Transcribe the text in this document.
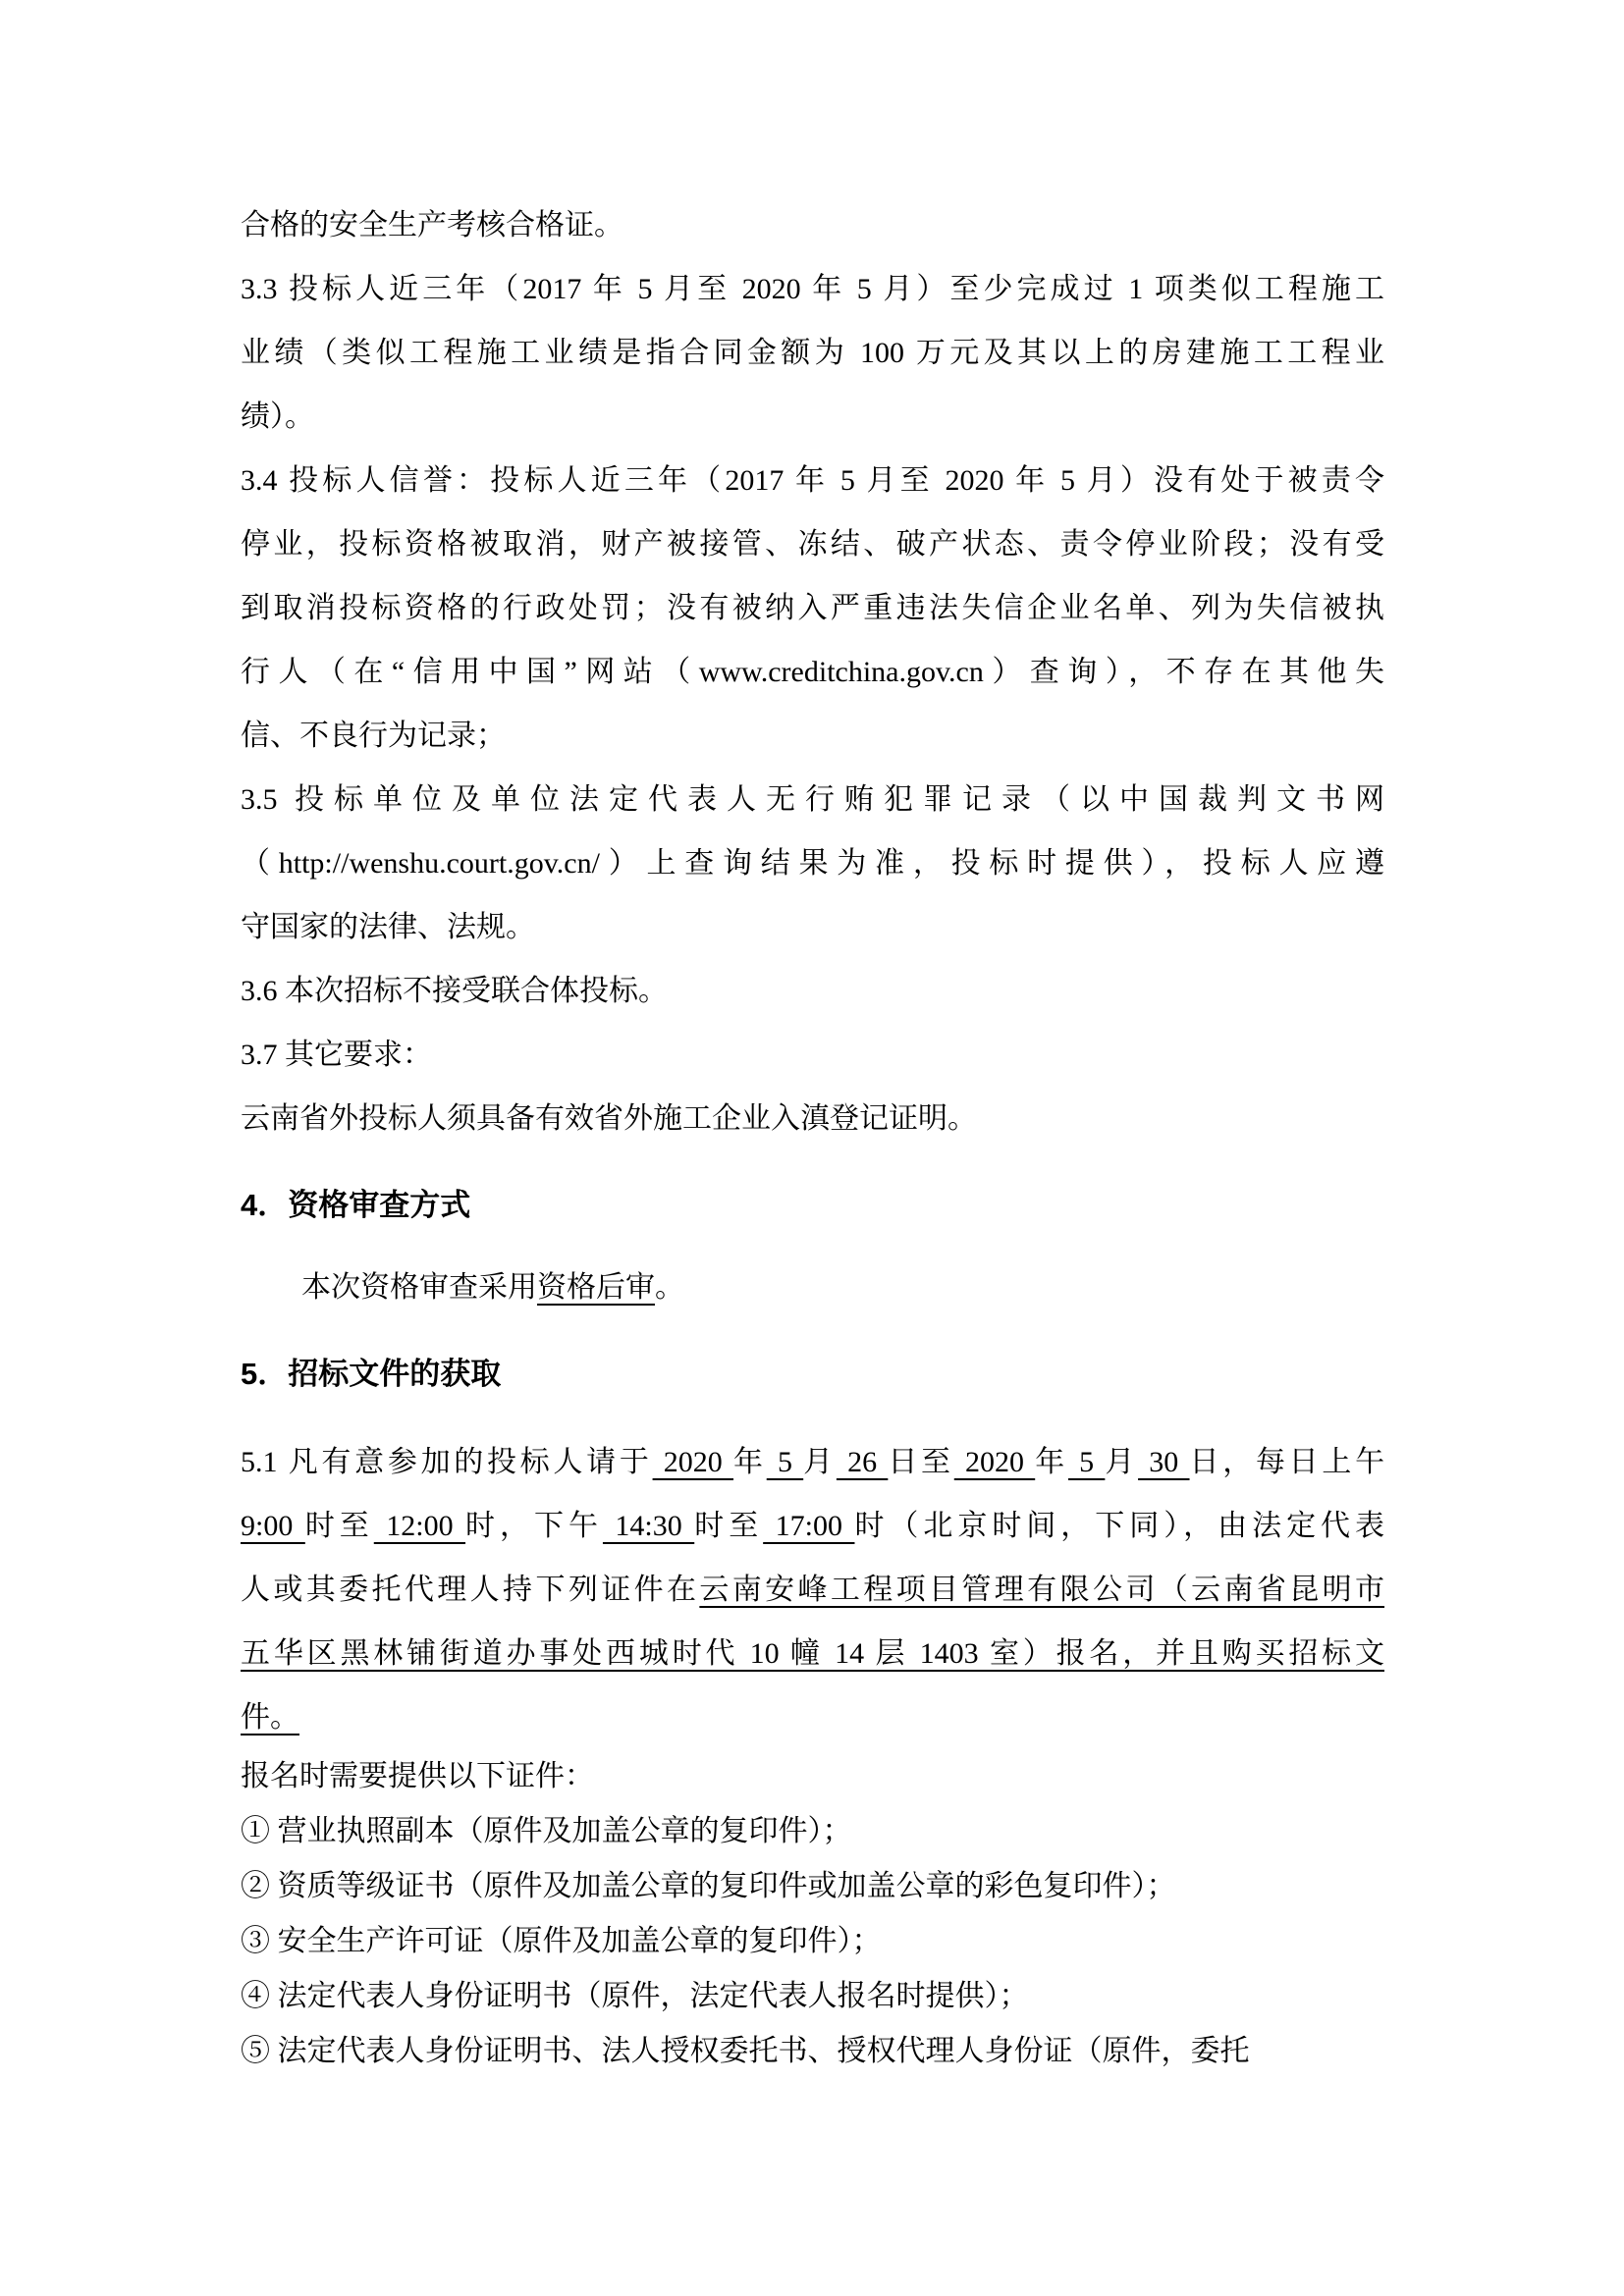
合格的安全生产考核合格证。
3.3 投标人近三年（2017 年 5 月至 2020 年 5 月）至少完成过 1 项类似工程施工
业绩（类似工程施工业绩是指合同金额为 100 万元及其以上的房建施工工程业
绩）。
3.4 投标人信誉：投标人近三年（2017 年 5 月至 2020 年 5 月）没有处于被责令
停业，投标资格被取消，财产被接管、冻结、破产状态、责令停业阶段；没有受
到取消投标资格的行政处罚；没有被纳入严重违法失信企业名单、列为失信被执
行人（在“信用中国”网站（www.creditchina.gov.cn）查询），不存在其他失
信、不良行为记录；
3.5 投标单位及单位法定代表人无行贿犯罪记录（以中国裁判文书网
（http://wenshu.court.gov.cn/）上查询结果为准，投标时提供），投标人应遵
守国家的法律、法规。
3.6 本次招标不接受联合体投标。
3.7 其它要求：
云南省外投标人须具备有效省外施工企业入滇登记证明。
4．资格审查方式
本次资格审查采用资格后审。
5．招标文件的获取
5.1 凡有意参加的投标人请于 2020 年 5 月 26 日至 2020 年 5 月 30 日，每日上午
9:00 时至 12:00 时，下午 14:30 时至 17:00 时（北京时间，下同），由法定代表
人或其委托代理人持下列证件在云南安峰工程项目管理有限公司（云南省昆明市
五华区黑林铺街道办事处西城时代 10 幢 14 层 1403 室）报名，并且购买招标文
件。
报名时需要提供以下证件：
① 营业执照副本（原件及加盖公章的复印件）；
② 资质等级证书（原件及加盖公章的复印件或加盖公章的彩色复印件）；
③ 安全生产许可证（原件及加盖公章的复印件）；
④ 法定代表人身份证明书（原件，法定代表人报名时提供）；
⑤ 法定代表人身份证明书、法人授权委托书、授权代理人身份证（原件，委托
